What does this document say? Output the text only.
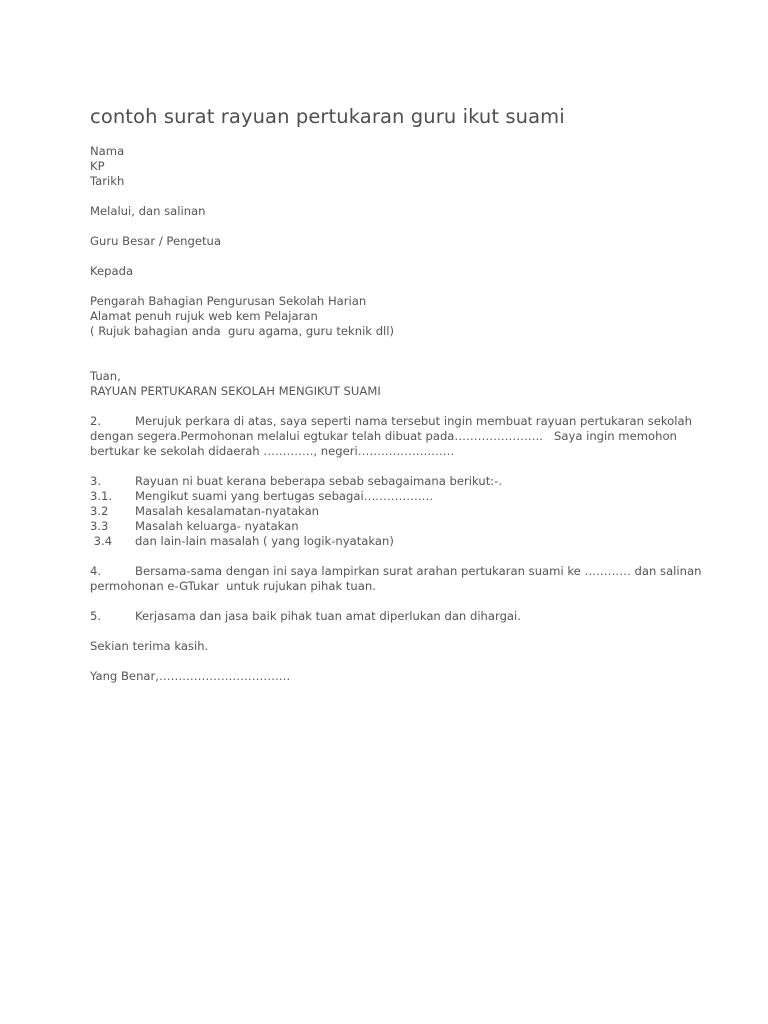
contoh surat rayuan pertukaran guru ikut suami
Nama
KP
Tarikh
Melalui, dan salinan
Guru Besar / Pengetua
Kepada
Pengarah Bahagian Pengurusan Sekolah Harian
Alamat penuh rujuk web kem Pelajaran
( Rujuk bahagian anda  guru agama, guru teknik dll)
Tuan,
RAYUAN PERTUKARAN SEKOLAH MENGIKUT SUAMI
2.	Merujuk perkara di atas, saya seperti nama tersebut ingin membuat rayuan pertukaran sekolah
dengan segera.Permohonan melalui egtukar telah dibuat pada…………………..   Saya ingin memohon
bertukar ke sekolah didaerah …………., negeri…………………….
3.	Rayuan ni buat kerana beberapa sebab sebagaimana berikut:-.
3.1. Mengikut suami yang bertugas sebagai………………
3.2 Masalah kesalamatan-nyatakan
3.3 Masalah keluarga- nyatakan
3.4 dan lain-lain masalah ( yang logik-nyatakan)
4.	Bersama-sama dengan ini saya lampirkan surat arahan pertukaran suami ke ………… dan salinan
permohonan e-GTukar  untuk rujukan pihak tuan.
5.	Kerjasama dan jasa baik pihak tuan amat diperlukan dan dihargai.
Sekian terima kasih.
Yang Benar,…………………………….
